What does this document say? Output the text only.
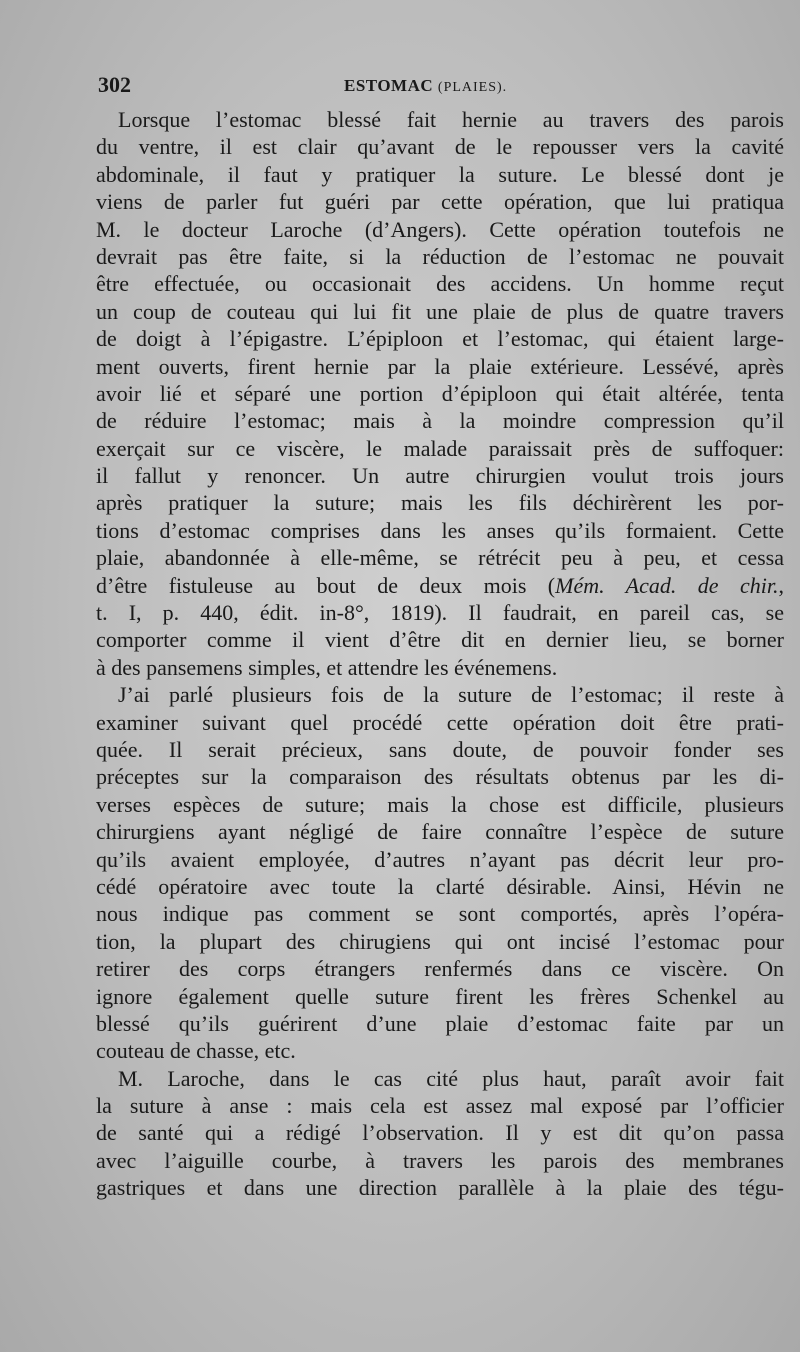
302	ESTOMAC (PLAIES).
Lorsque l’estomac blessé fait hernie au travers des parois
du ventre, il est clair qu’avant de le repousser vers la cavité
abdominale, il faut y pratiquer la suture. Le blessé dont je
viens de parler fut guéri par cette opération, que lui pratiqua
M. le docteur Laroche (d’Angers). Cette opération toutefois ne
devrait pas être faite, si la réduction de l’estomac ne pouvait
être effectuée, ou occasionait des accidens. Un homme reçut
un coup de couteau qui lui fit une plaie de plus de quatre travers
de doigt à l’épigastre. L’épiploon et l’estomac, qui étaient large-
ment ouverts, firent hernie par la plaie extérieure. Lessévé, après
avoir lié et séparé une portion d’épiploon qui était altérée, tenta
de réduire l’estomac; mais à la moindre compression qu’il
exerçait sur ce viscère, le malade paraissait près de suffoquer:
il fallut y renoncer. Un autre chirurgien voulut trois jours
après pratiquer la suture; mais les fils déchirèrent les por-
tions d’estomac comprises dans les anses qu’ils formaient. Cette
plaie, abandonnée à elle-même, se rétrécit peu à peu, et cessa
d’être fistuleuse au bout de deux mois (Mém. Acad. de chir.,
t. I, p. 440, édit. in-8°, 1819). Il faudrait, en pareil cas, se
comporter comme il vient d’être dit en dernier lieu, se borner
à des pansemens simples, et attendre les événemens.
J’ai parlé plusieurs fois de la suture de l’estomac; il reste à
examiner suivant quel procédé cette opération doit être prati-
quée. Il serait précieux, sans doute, de pouvoir fonder ses
préceptes sur la comparaison des résultats obtenus par les di-
verses espèces de suture; mais la chose est difficile, plusieurs
chirurgiens ayant négligé de faire connaître l’espèce de suture
qu’ils avaient employée, d’autres n’ayant pas décrit leur pro-
cédé opératoire avec toute la clarté désirable. Ainsi, Hévin ne
nous indique pas comment se sont comportés, après l’opéra-
tion, la plupart des chirugiens qui ont incisé l’estomac pour
retirer des corps étrangers renfermés dans ce viscère. On
ignore également quelle suture firent les frères Schenkel au
blessé qu’ils guérirent d’une plaie d’estomac faite par un
couteau de chasse, etc.
M. Laroche, dans le cas cité plus haut, paraît avoir fait
la suture à anse : mais cela est assez mal exposé par l’officier
de santé qui a rédigé l’observation. Il y est dit qu’on passa
avec l’aiguille courbe, à travers les parois des membranes
gastriques et dans une direction parallèle à la plaie des tégu-
